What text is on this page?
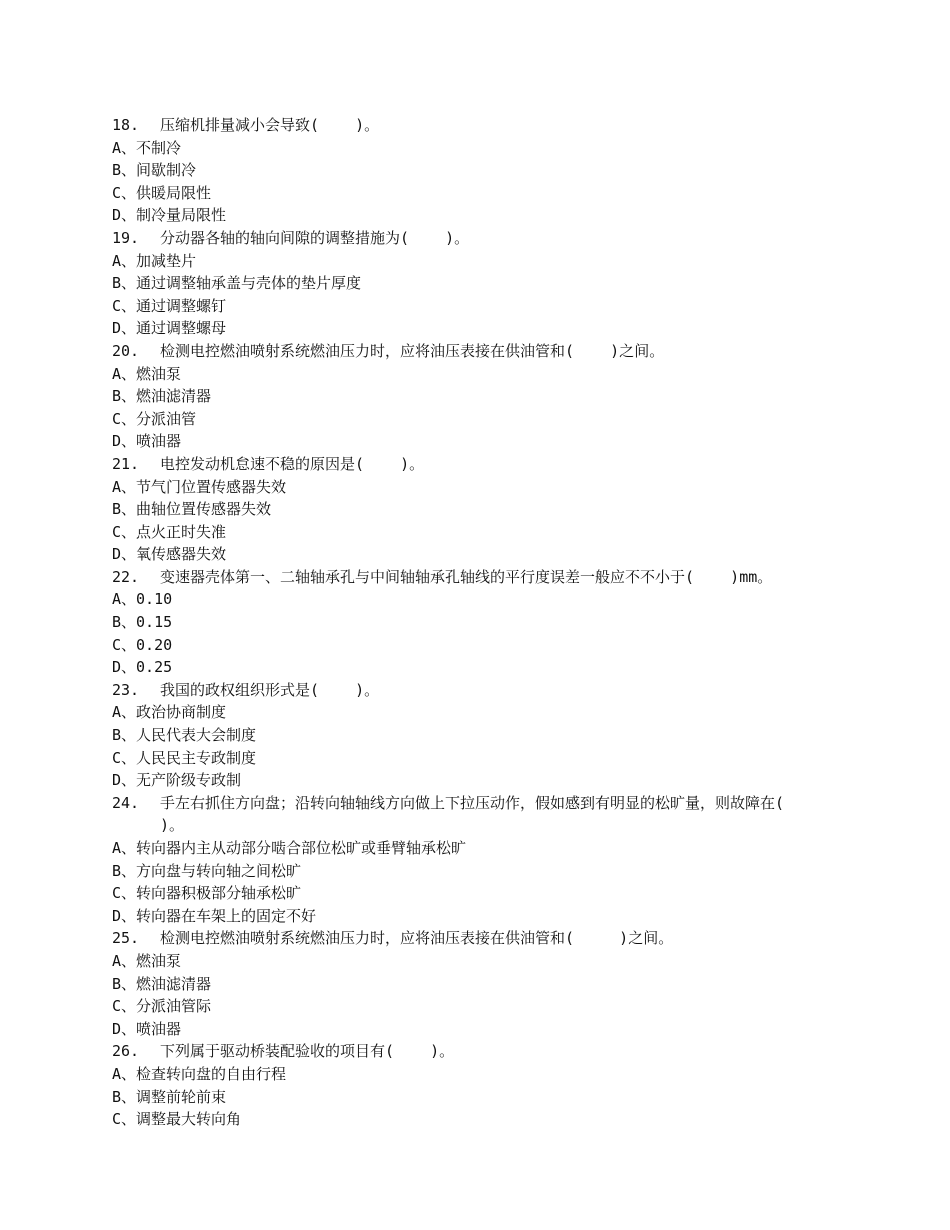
18.	压缩机排量减小会导致(    )。
A、不制冷
B、间歇制冷
C、供暖局限性
D、制冷量局限性
19.	分动器各轴的轴向间隙的调整措施为(    )。
A、加减垫片
B、通过调整轴承盖与壳体的垫片厚度
C、通过调整螺钉
D、通过调整螺母
20.	检测电控燃油喷射系统燃油压力时，应将油压表接在供油管和(    )之间。
A、燃油泵
B、燃油滤清器
C、分派油管
D、喷油器
21.	电控发动机怠速不稳的原因是(    )。
A、节气门位置传感器失效
B、曲轴位置传感器失效
C、点火正时失准
D、氧传感器失效
22.	变速器壳体第一、二轴轴承孔与中间轴轴承孔轴线的平行度误差一般应不不小于(    )mm。
A、0.10
B、0.15
C、0.20
D、0.25
23.	我国的政权组织形式是(    )。
A、政治协商制度
B、人民代表大会制度
C、人民民主专政制度
D、无产阶级专政制
24.	手左右抓住方向盘；沿转向轴轴线方向做上下拉压动作，假如感到有明显的松旷量，则故障在(    )。
A、转向器内主从动部分啮合部位松旷或垂臂轴承松旷
B、方向盘与转向轴之间松旷
C、转向器积极部分轴承松旷
D、转向器在车架上的固定不好
25.	检测电控燃油喷射系统燃油压力时，应将油压表接在供油管和(     )之间。
A、燃油泵
B、燃油滤清器
C、分派油管际
D、喷油器
26.	下列属于驱动桥装配验收的项目有(    )。
A、检查转向盘的自由行程
B、调整前轮前束
C、调整最大转向角
